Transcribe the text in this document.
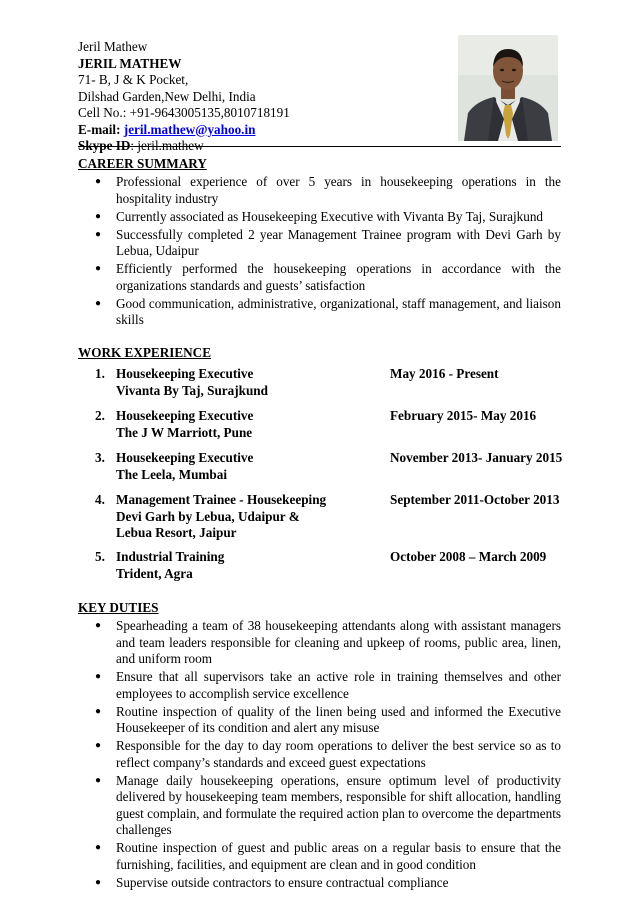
Jeril Mathew
JERIL MATHEW
71- B, J & K Pocket,
Dilshad Garden,New Delhi, India
Cell No.: +91-9643005135,8010718191
E-mail: jeril.mathew@yahoo.in
Skype ID: jeril.mathew
CAREER SUMMARY
● Professional experience of over 5 years in housekeeping operations in the hospitality industry
● Currently associated as Housekeeping Executive with Vivanta By Taj, Surajkund
● Successfully completed 2 year Management Trainee program with Devi Garh by Lebua, Udaipur
● Efficiently performed the housekeeping operations in accordance with the organizations standards and guests’ satisfaction
● Good communication, administrative, organizational, staff management, and liaison skills
WORK EXPERIENCE
1. Housekeeping Executive
Vivanta By Taj, Surajkund
May 2016 - Present
2. Housekeeping Executive
The J W Marriott, Pune
February 2015- May 2016
3. Housekeeping Executive
The Leela, Mumbai
November 2013- January 2015
4. Management Trainee - Housekeeping
Devi Garh by Lebua, Udaipur &
Lebua Resort, Jaipur
September 2011-October 2013
5. Industrial Training
Trident, Agra
October 2008 – March 2009
KEY DUTIES
● Spearheading a team of 38 housekeeping attendants along with assistant managers and team leaders responsible for cleaning and upkeep of rooms, public area, linen, and uniform room
● Ensure that all supervisors take an active role in training themselves and other employees to accomplish service excellence
● Routine inspection of quality of the linen being used and informed the Executive Housekeeper of its condition and alert any misuse
● Responsible for the day to day room operations to deliver the best service so as to reflect company’s standards and exceed guest expectations
● Manage daily housekeeping operations, ensure optimum level of productivity delivered by housekeeping team members, responsible for shift allocation, handling guest complain, and formulate the required action plan to overcome the departments challenges
● Routine inspection of guest and public areas on a regular basis to ensure that the furnishing, facilities, and equipment are clean and in good condition
● Supervise outside contractors to ensure contractual compliance
